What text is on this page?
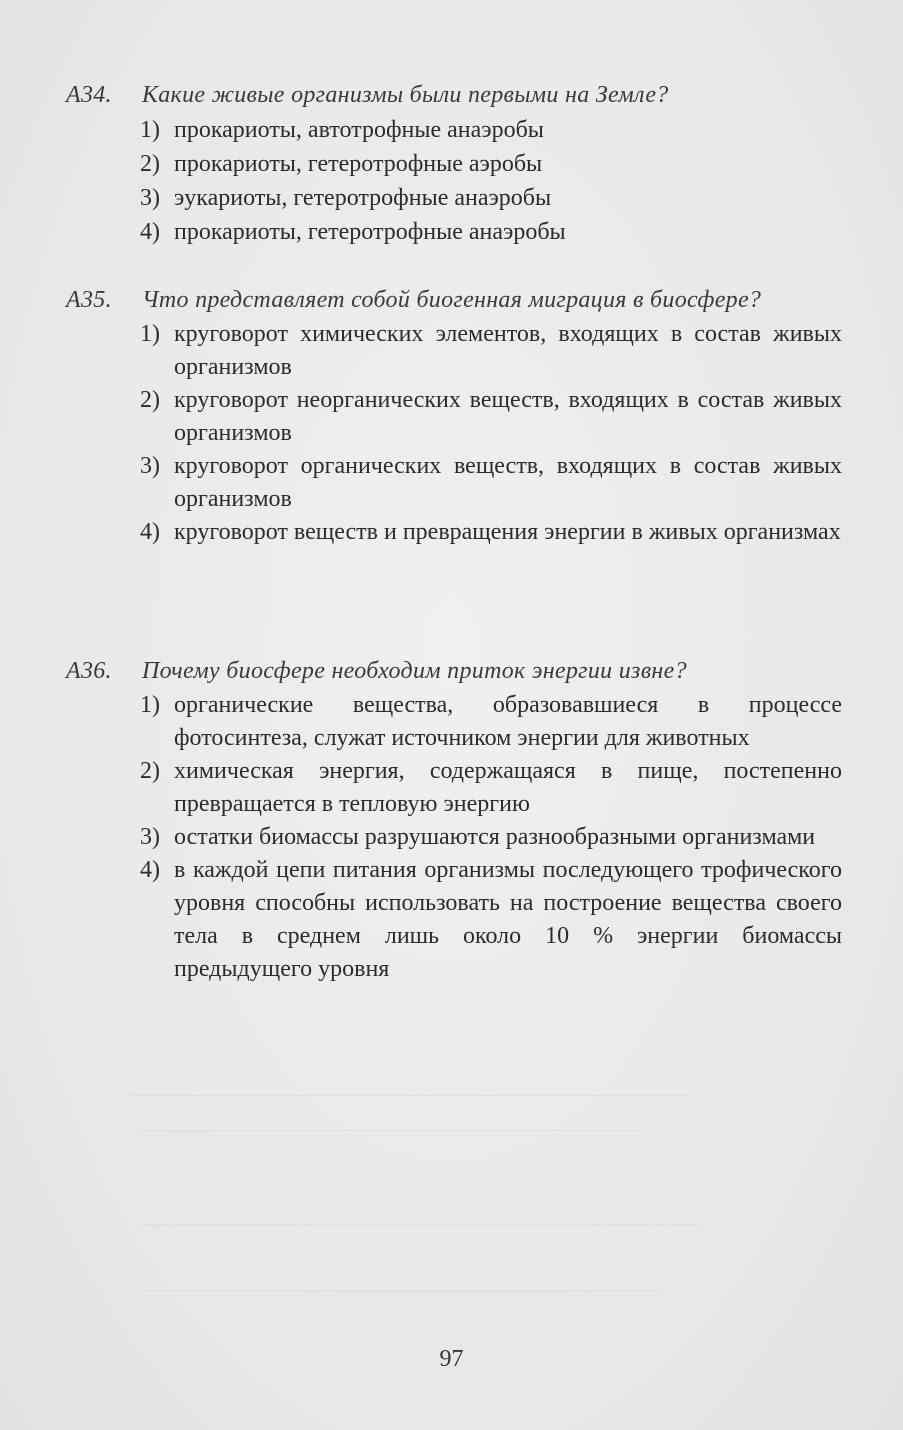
А34.	Какие живые организмы были первыми на Земле?
1) прокариоты, автотрофные анаэробы
2) прокариоты, гетеротрофные аэробы
3) эукариоты, гетеротрофные анаэробы
4) прокариоты, гетеротрофные анаэробы
А35.	Что представляет собой биогенная миграция в биосфере?
1) круговорот химических элементов, входящих в состав живых организмов
2) круговорот неорганических веществ, входящих в состав живых организмов
3) круговорот органических веществ, входящих в состав живых организмов
4) круговорот веществ и превращения энергии в живых организмах
А36.	Почему биосфере необходим приток энергии извне?
1) органические вещества, образовавшиеся в процессе фотосинтеза, служат источником энергии для животных
2) химическая энергия, содержащаяся в пище, постепенно превращается в тепловую энергию
3) остатки биомассы разрушаются разнообразными организмами
4) в каждой цепи питания организмы последующего трофического уровня способны использовать на построение вещества своего тела в среднем лишь около 10 % энергии биомассы предыдущего уровня
97
